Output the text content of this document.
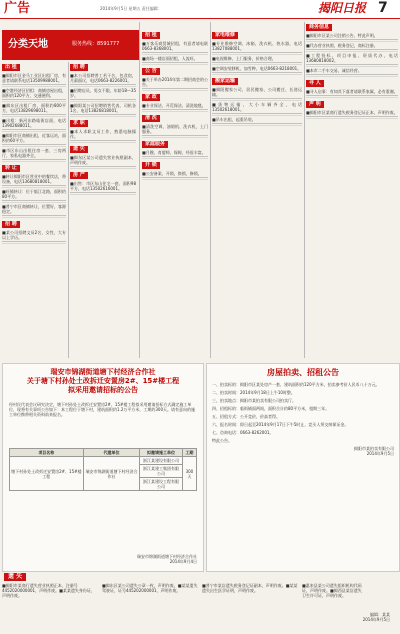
广告	2014年9月5日 星期五 责任编辑：	揭阳日报 7
分类天地	服务热线：8591777
出 租
■揭阳市区金马工业区出租厂房，有意者请联系电话13509988001。
■空港经济区招租：商铺房屋出租，面积约120平方，交通便利。
■揭东区出租厂房，面积约800平方，电话13829698011。
■出租：新河东路临街店面，电话13902688011。
■揭阳市区商铺出租，近客运站，面积约60平方。
■市区东山出租住房一套，三房两厅，家私电器齐全。
转 让
■转让揭阳市区营业中的餐饮店，带设备，电话13680818001。
■旺铺转让：位于临江北路，面积约80平方。
■普宁市区商铺转让，位置好，客源稳定。
招 聘
■某公司招聘文员2名，女性，大专以上学历。
招 聘
■本公司招聘普工若干名，包食宿，月薪面议，电话0663-8226001。
■招聘店员，男女不限，年龄18—35岁。
■揭阳某公司招聘销售代表、司机各1名，电话13826818001。
求 职
■本人求职文员工作，熟悉电脑操作。
遗 失
■揭东区某公司遗失营业执照副本，声明作废。
房 产
■出售：市区东山住宅一套，面积98平方，电话13502616001。
招 租
■万客乐商贸城招租，有意者请电联0663-8368001。
■商场一楼店面招租，人流旺。
公 告
■关于举办2014年第二期招商会的公告。
家 政
■专业保洁、开荒保洁、清洗地毯。
清 洗
■清洗空调、油烟机、洗衣机，上门服务。
家庭服务
■月嫂、育婴师、保姆，经验丰富。
开 锁
■公安备案，开锁、换锁、修锁。
家电维修
■专业维修空调、冰箱、洗衣机、热水器，电话13827088001。
■电视维修，上门服务，价格合理。
■空调安装移机、加雪种，电话0663-8218001。
搬家运输
■揭阳搬家公司，居民搬家、公司搬迁、长途运输。
■货物运输，大小车辆齐全，电话13502618001。
■吊车出租，起重吊装。
商务信息
■揭阳市区某公司注销公告，特此声明。
■代办营业执照、税务登记、商标注册。
■工程投标、项目申报、资质代办，电话13680818002。
■本市二手车交易，诚信经营。
寻 人
■寻人启事：有知其下落者请联系家属，必有重谢。
声 明
■揭阳市区某商行遗失税务登记证正本，声明作废。
瑞安市锦湖街道塘下村经济合作社
关于塘下村孙处土改拆迁安置房2#、15#楼工程
拟采用邀请招标的公告
经村民代表会议研究决定，塘下村孙处土改拆迁安置房2#、15#楼工程拟采用邀请招标方式确定施工单位，现将有关事项公告如下：本工程位于塘下村，建筑面积约1.2万平方米，工期约300天。请有意向的施工单位携带相关资料前来报名。
项目名称	代建单位	拟邀请施工单位	工期
塘下村孙处土改拆迁安置房2#、15#楼工程	瑞安市锦湖街道塘下村经济合作社	浙江某建设有限公司	300天
		浙江某建工集团有限公司	
		浙江某建设工程有限公司	
瑞安市锦湖街道塘下村经济合作社
2014年9月4日
房屋拍卖、招租公告
一、拍卖标的：揭阳市区某处房产一套，建筑面积约120平方米，拍卖参考价人民币八十万元。
二、拍卖时间：2014年9月18日上午10时整。
三、拍卖地点：揭阳市某拍卖有限公司拍卖厅。
四、招租标的：临街铺面两间，面积合计约80平方米，租期三年。
五、招租方式：公开竞价，价高者得。
六、报名时间：即日起至2014年9月17日下午5时止，竞买人须交纳保证金。
七、咨询电话：0663-8262001。
特此公告。
揭阳市某拍卖有限公司
2014年9月5日
遗 失
■揭阳市某商行遗失营业执照正本，注册号4452020000001，声明作废。■某某遗失身份证，声明作废。
■揭东区某公司遗失公章一枚，声明作废。■某某遗失驾驶证，证号445202000001，声明作废。
■普宁市某店遗失税务登记证副本，声明作废。■某某遗失出生医学证明，声明作废。
■惠来县某公司遗失组织机构代码证，声明作废。■揭西县某店遗失卫生许可证，声明作废。
编辑：某某
2014年9月5日
